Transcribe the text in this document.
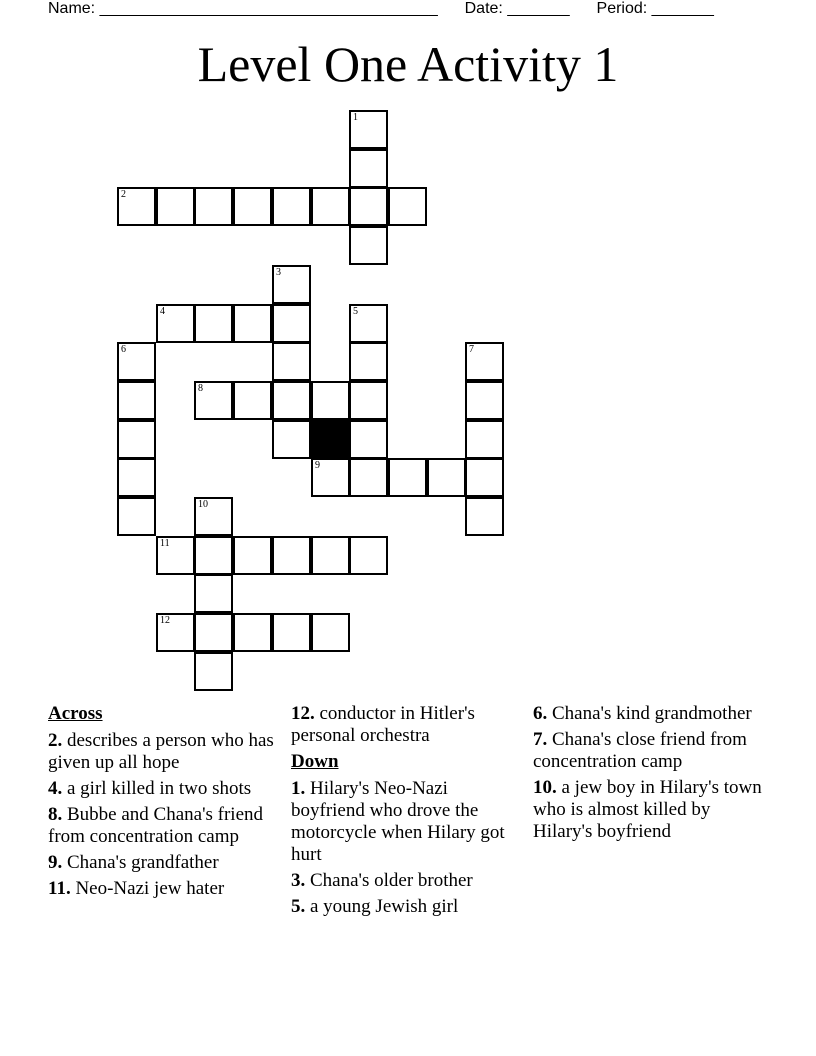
Name: ______________________________________ Date: _______ Period: _______
Level One Activity 1
1
2
3
4	5
6	7
8
9
10
11
12
Across
2. describes a person who has given up all hope
4. a girl killed in two shots
8. Bubbe and Chana's friend from concentration camp
9. Chana's grandfather
11. Neo-Nazi jew hater
12. conductor in Hitler's personal orchestra
Down
1. Hilary's Neo-Nazi boyfriend who drove the motorcycle when Hilary got hurt
3. Chana's older brother
5. a young Jewish girl
6. Chana's kind grandmother
7. Chana's close friend from concentration camp
10. a jew boy in Hilary's town who is almost killed by Hilary's boyfriend
